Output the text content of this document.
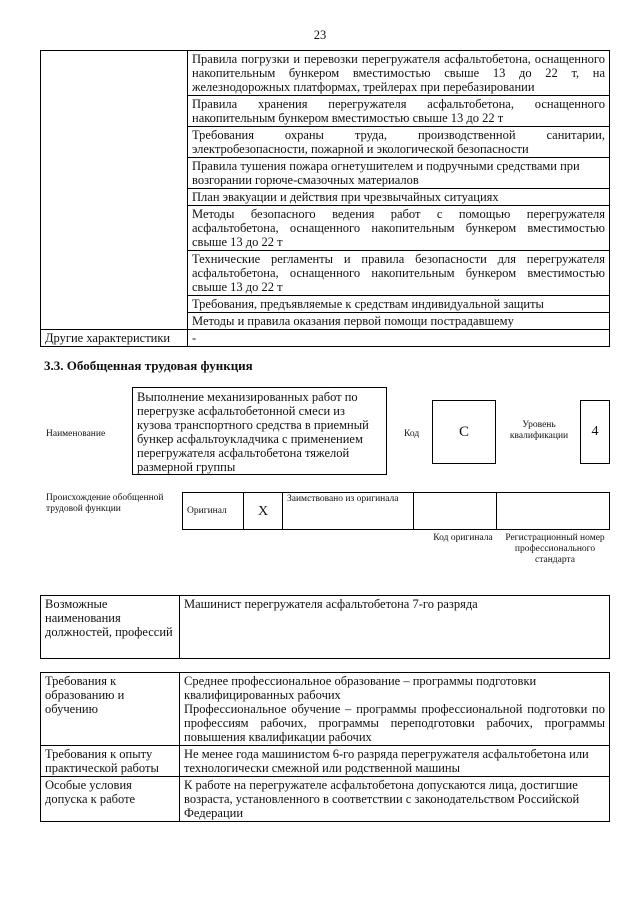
23
	Правила погрузки и перевозки перегружателя асфальтобетона, оснащенного накопительным бункером вместимостью свыше 13 до 22 т, на железнодорожных платформах, трейлерах при перебазировании
	Правила хранения перегружателя асфальтобетона, оснащенного накопительным бункером вместимостью свыше 13 до 22 т
	Требования охраны труда, производственной санитарии, электробезопасности, пожарной и экологической безопасности
	Правила тушения пожара огнетушителем и подручными средствами при возгорании горюче-смазочных материалов
	План эвакуации и действия при чрезвычайных ситуациях
	Методы безопасного ведения работ с помощью перегружателя асфальтобетона, оснащенного накопительным бункером вместимостью свыше 13 до 22 т
	Технические регламенты и правила безопасности для перегружателя асфальтобетона, оснащенного накопительным бункером вместимостью свыше 13 до 22 т
	Требования, предъявляемые к средствам индивидуальной защиты
	Методы и правила оказания первой помощи пострадавшему
Другие характеристики	-
3.3. Обобщенная трудовая функция
Наименование
Выполнение механизированных работ по перегрузке асфальтобетонной смеси из кузова транспортного средства в приемный бункер асфальтоукладчика с применением перегружателя асфальтобетона тяжелой размерной группы
Код	C	Уровень квалификации	4
Происхождение обобщенной трудовой функции	Оригинал	X	Заимствовано из оригинала		
Код оригинала	Регистрационный номер профессионального стандарта
Возможные наименования должностей, профессий	Машинист перегружателя асфальтобетона 7-го разряда
Требования к образованию и обучению	Среднее профессиональное образование – программы подготовки квалифицированных рабочих
Профессиональное обучение – программы профессиональной подготовки по профессиям рабочих, программы переподготовки рабочих, программы повышения квалификации рабочих

Требования к опыту практической работы	Не менее года машинистом 6-го разряда перегружателя асфальтобетона или технологически смежной или родственной машины
Особые условия допуска к работе	К работе на перегружателе асфальтобетона допускаются лица, достигшие возраста, установленного в соответствии с законодательством Российской Федерации
